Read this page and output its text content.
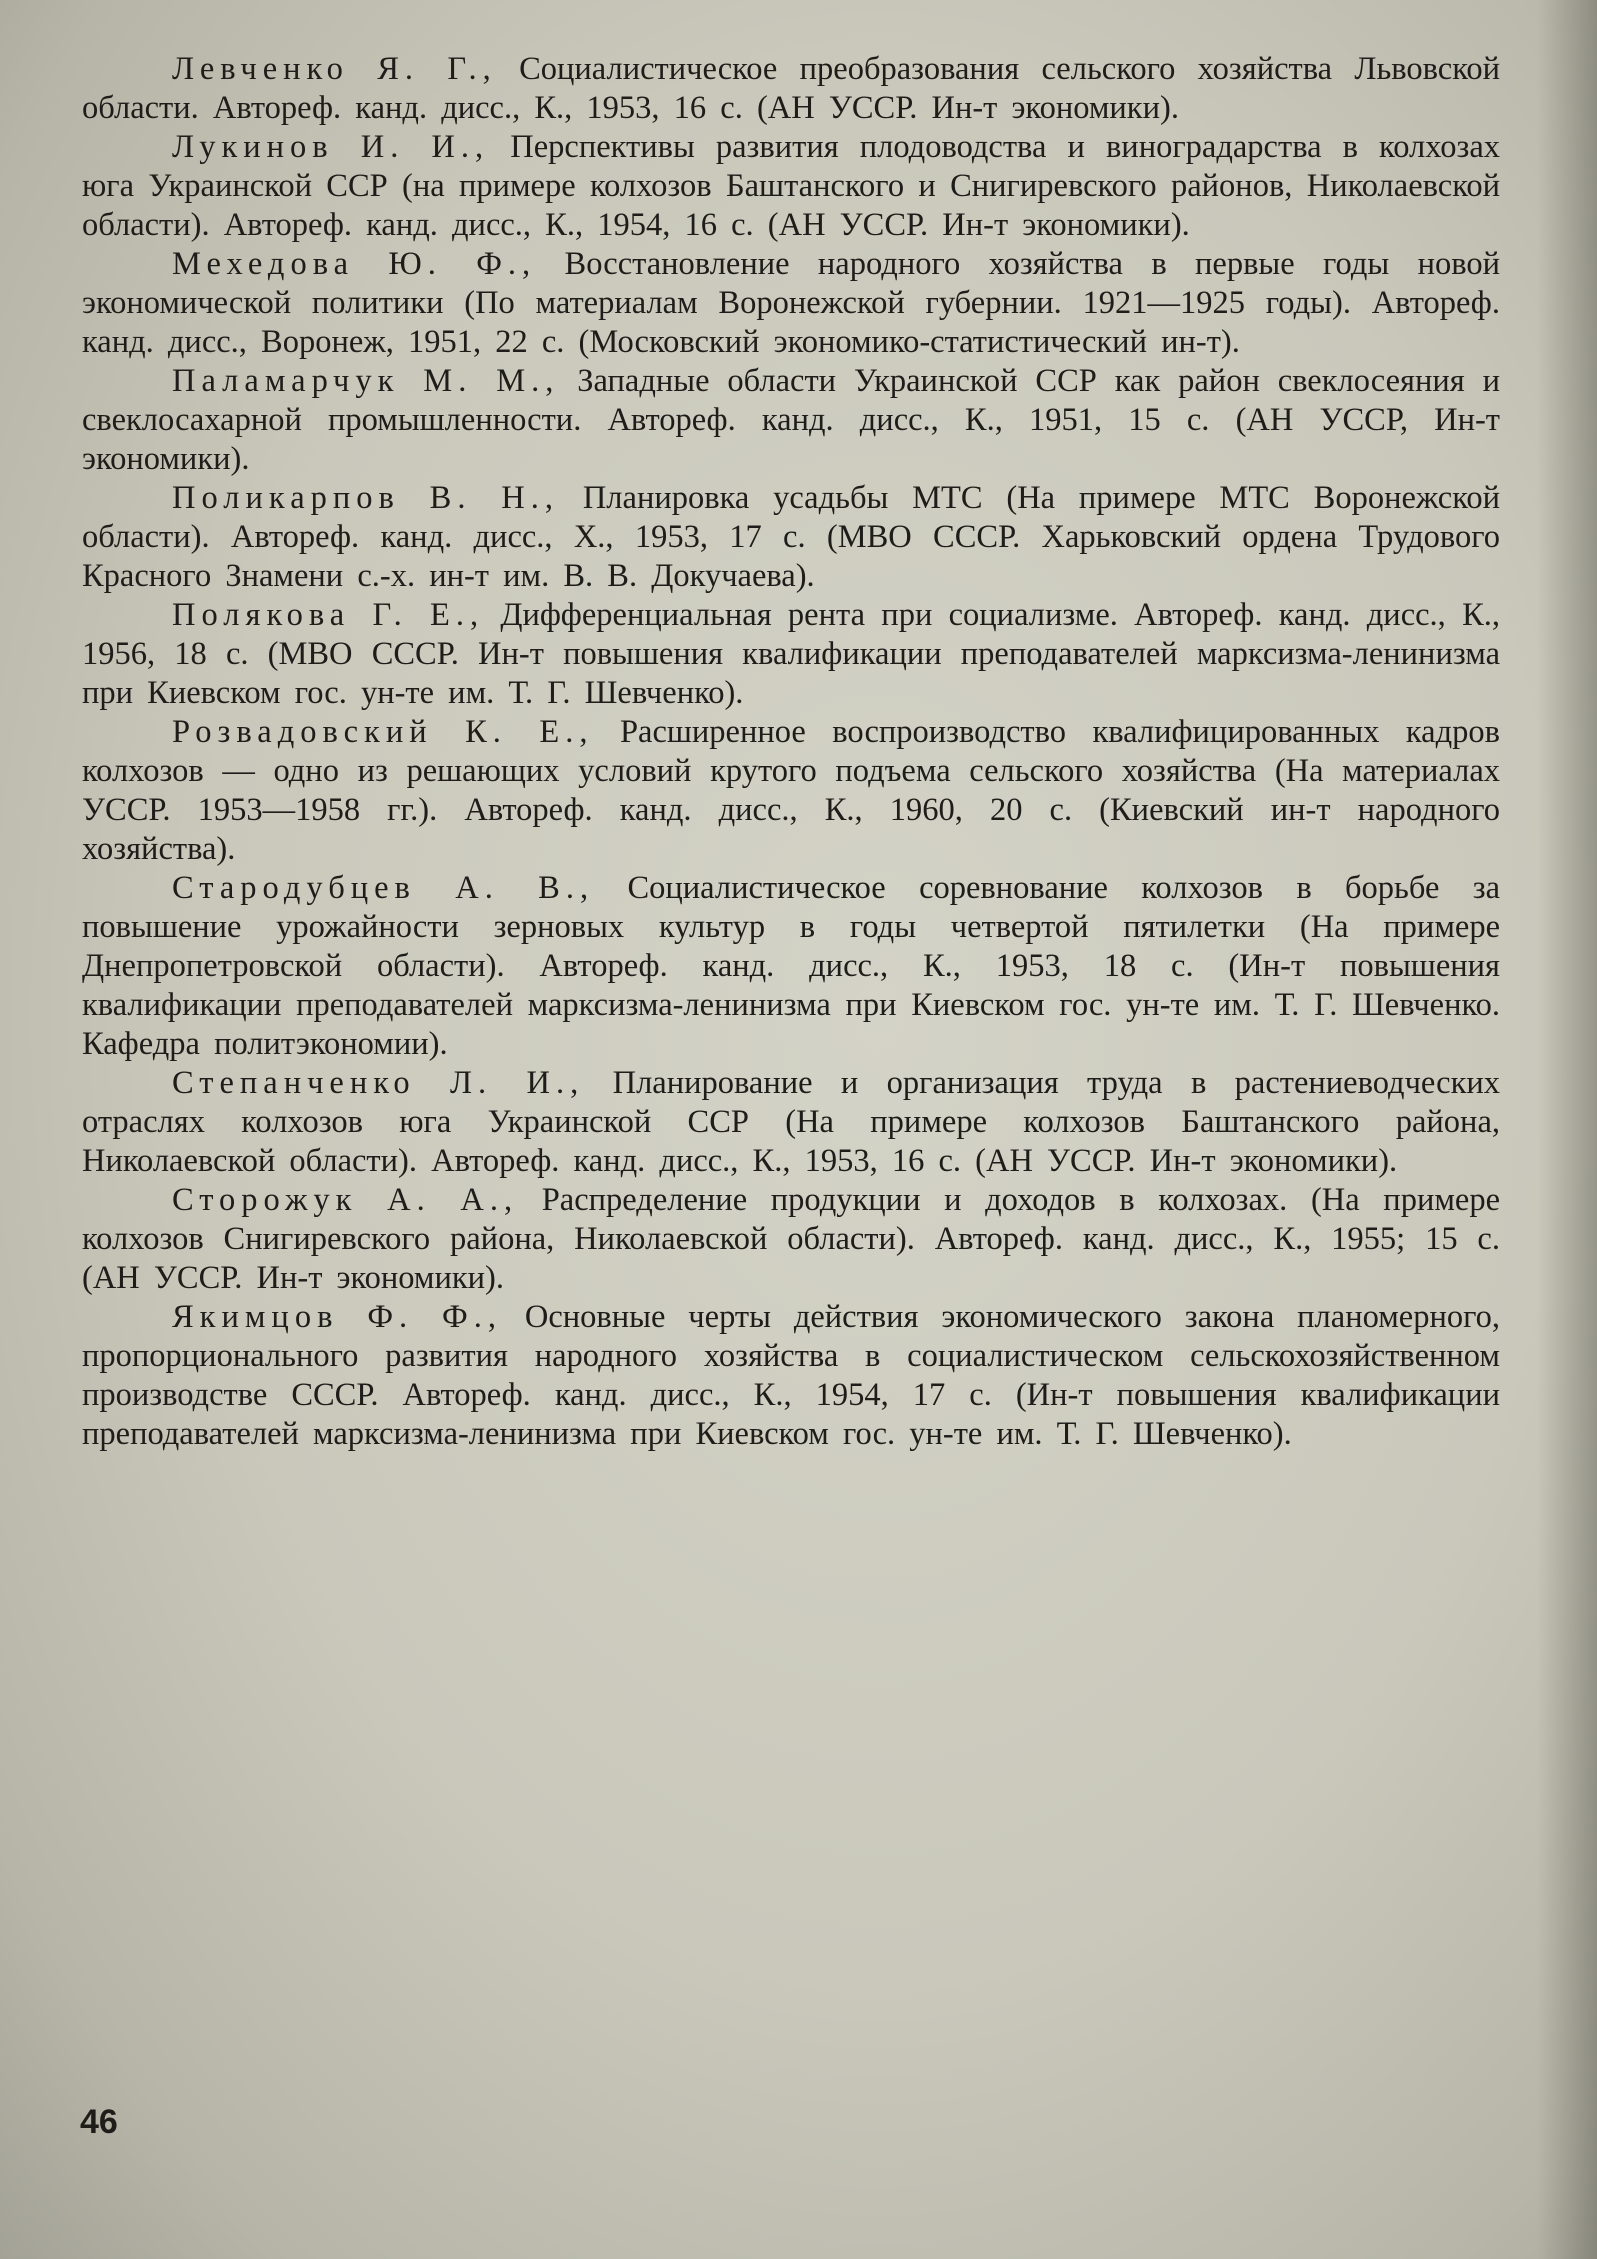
Левченко Я. Г., Социалистическое преобразования сельского хозяйства Львовской области. Автореф. канд. дисс., К., 1953, 16 с. (АН УССР. Ин-т экономики).

Лукинов И. И., Перспективы развития плодоводства и виноградарства в колхозах юга Украинской ССР (на примере колхозов Баштанского и Снигиревского районов, Николаевской области). Автореф. канд. дисс., К., 1954, 16 с. (АН УССР. Ин-т экономики).

Мехедова Ю. Ф., Восстановление народного хозяйства в первые годы новой экономической политики (По материалам Воронежской губернии. 1921—1925 годы). Автореф. канд. дисс., Воронеж, 1951, 22 с. (Московский экономико-статистический ин-т).

Паламарчук М. М., Западные области Украинской ССР как район свеклосеяния и свеклосахарной промышленности. Автореф. канд. дисс., К., 1951, 15 с. (АН УССР, Ин-т экономики).

Поликарпов В. Н., Планировка усадьбы МТС (На примере МТС Воронежской области). Автореф. канд. дисс., Х., 1953, 17 с. (МВО СССР. Харьковский ордена Трудового Красного Знамени с.-х. ин-т им. В. В. Докучаева).

Полякова Г. Е., Дифференциальная рента при социализме. Автореф. канд. дисс., К., 1956, 18 с. (МВО СССР. Ин-т повышения квалификации преподавателей марксизма-ленинизма при Киевском гос. ун-те им. Т. Г. Шевченко).

Розвадовский К. Е., Расширенное воспроизводство квалифицированных кадров колхозов — одно из решающих условий крутого подъема сельского хозяйства (На материалах УССР. 1953—1958 гг.). Автореф. канд. дисс., К., 1960, 20 с. (Киевский ин-т народного хозяйства).

Стародубцев А. В., Социалистическое соревнование колхозов в борьбе за повышение урожайности зерновых культур в годы четвертой пятилетки (На примере Днепропетровской области). Автореф. канд. дисс., К., 1953, 18 с. (Ин-т повышения квалификации преподавателей марксизма-ленинизма при Киевском гос. ун-те им. Т. Г. Шевченко. Кафедра политэкономии).

Степанченко Л. И., Планирование и организация труда в растениеводческих отраслях колхозов юга Украинской ССР (На примере колхозов Баштанского района, Николаевской области). Автореф. канд. дисс., К., 1953, 16 с. (АН УССР. Ин-т экономики).

Сторожук А. А., Распределение продукции и доходов в колхозах. (На примере колхозов Снигиревского района, Николаевской области). Автореф. канд. дисс., К., 1955; 15 с. (АН УССР. Ин-т экономики).

Якимцов Ф. Ф., Основные черты действия экономического закона планомерного, пропорционального развития народного хозяйства в социалистическом сельскохозяйственном производстве СССР. Автореф. канд. дисс., К., 1954, 17 с. (Ин-т повышения квалификации преподавателей марксизма-ленинизма при Киевском гос. ун-те им. Т. Г. Шевченко).

46
